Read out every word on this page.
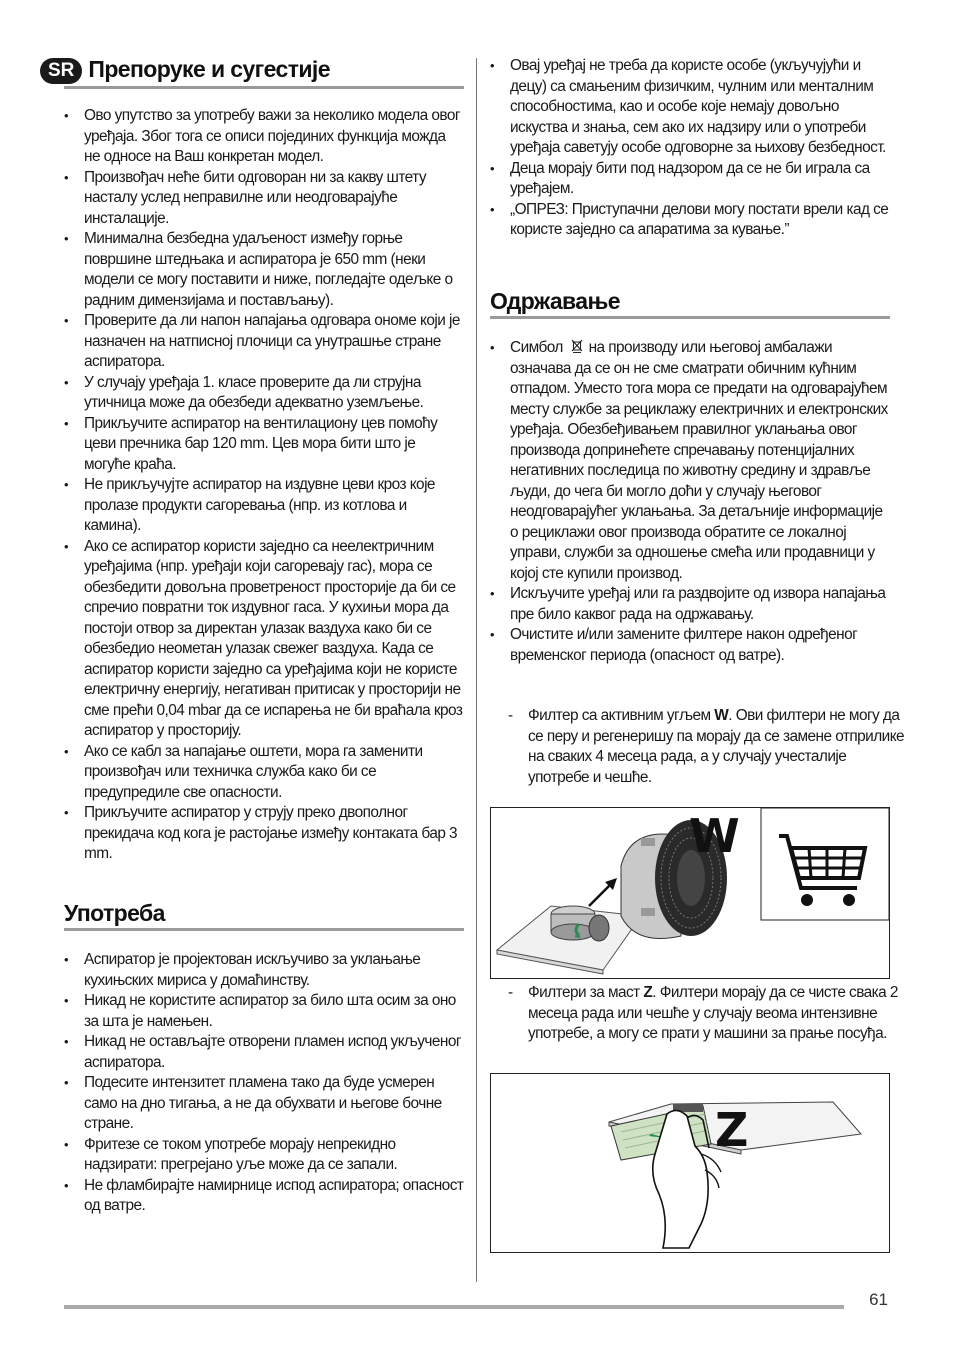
SR Препоруке и сугестије
• Ово упутство за употребу важи за неколико модела овог уређаја. Због тога се описи појединих функција можда не односе на Ваш конкретан модел.
• Произвођач неће бити одговоран ни за какву штету насталу услед неправилне или неодговарајуће инсталације.
• Минимална безбедна удаљеност између горње површине штедњака и аспиратора је 650 mm (неки модели се могу поставити и ниже, погледајте одељке о радним димензијама и постављању).
• Проверите да ли напон напајања одговара ономе који је назначен на натписној плочици са унутрашње стране аспиратора.
• У случају уређаја 1. класе проверите да ли струјна утичница може да обезбеди адекватно уземљење.
• Прикључите аспиратор на вентилациону цев помоћу цеви пречника бар 120 mm. Цев мора бити што је могуће краћа.
• Не прикључујте аспиратор на издувне цеви кроз које пролазе продукти сагоревања (нпр. из котлова и камина).
• Ако се аспиратор користи заједно са неелектричним уређајима (нпр. уређаји који сагоревају гас), мора се обезбедити довољна проветреност просторије да би се спречио повратни ток издувног гаса. У кухињи мора да постоји отвор за директан улазак ваздуха како би се обезбедио неометан улазак свежег ваздуха. Када се аспиратор користи заједно са уређајима који не користе електричну енергију, негативан притисак у просторији не сме прећи 0,04 mbar да се испарења не би враћала кроз аспиратор у просторију.
• Ако се кабл за напајање оштети, мора га заменити произвођач или техничка служба како би се предупредиле све опасности.
• Прикључите аспиратор у струју преко двополног прекидача код кога је растојање између контаката бар 3 mm.
Употреба
• Аспиратор је пројектован искључиво за уклањање кухињских мириса у домаћинству.
• Никад не користите аспиратор за било шта осим за оно за шта је намењен.
• Никад не остављајте отворени пламен испод укљученог аспиратора.
• Подесите интензитет пламена тако да буде усмерен само на дно тигања, а не да обухвати и његове бочне стране.
• Фритезе се током употребе морају непрекидно надзирати: прегрејано уље може да се запали.
• Не фламбирајте намирнице испод аспиратора; опасност од ватре.
• Овај уређај не треба да користе особе (укључујући и децу) са смањеним физичким, чулним или менталним способностима, као и особе које немају довољно искуства и знања, сем ако их надзиру или о употреби уређаја саветују особе одговорне за њихову безбедност.
• Деца морају бити под надзором да се не би играла са уређајем.
• „ОПРЕЗ: Приступачни делови могу постати врели кад се користе заједно са апаратима за кување.”
Одржавање
• Симбол на производу или његовој амбалажи означава да се он не сме сматрати обичним кућним отпадом. Уместо тога мора се предати на одговарајућем месту службе за рециклажу електричних и електронских уређаја. Обезбеђивањем правилног уклањања овог производа допринећете спречавању потенцијалних негативних последица по животну средину и здравље људи, до чега би могло доћи у случају његовог неодговарајућег уклањања. За детаљније информације о рециклажи овог производа обратите се локалној управи, служби за одношење смећа или продавници у којој сте купили производ.
• Искључите уређај или га раздвојите од извора напајања пре било каквог рада на одржавању.
• Очистите и/или замените филтере након одређеног временског периода (опасност од ватре).
- Филтер са активним угљем W. Ови филтери не могу да се перу и регенеришу па морају да се замене отприлике на сваких 4 месеца рада, а у случају учесталије употребе и чешће.
W
- Филтери за маст Z. Филтери морају да се чисте свака 2 месеца рада или чешће у случају веома интензивне употребе, а могу се прати у машини за прање посуђа.
Z
61
